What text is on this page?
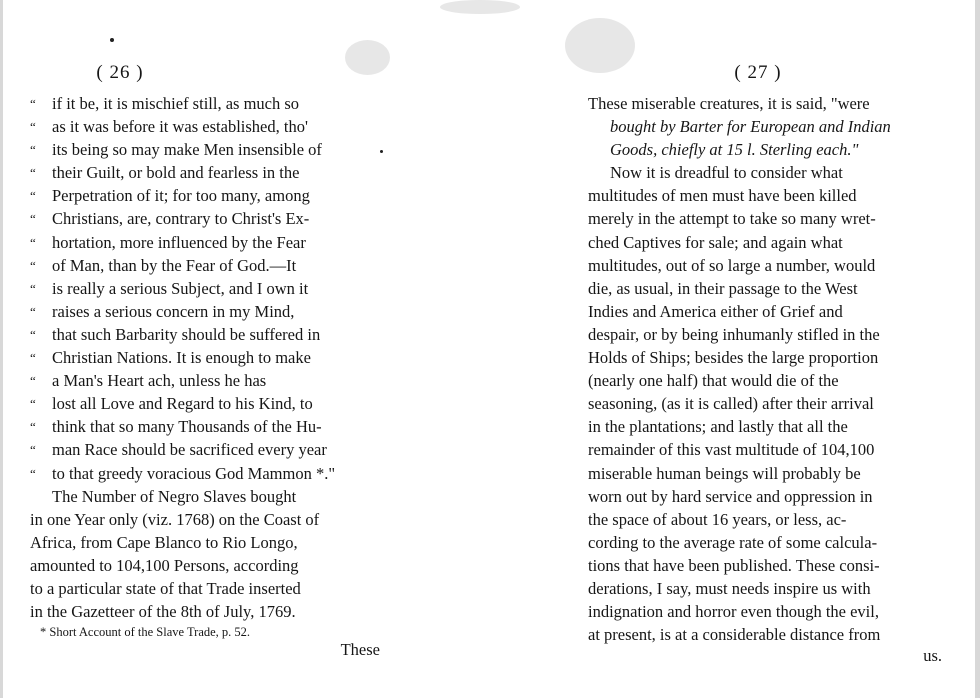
( 26 )
“ if it be, it is mischief still, as much so
“ as it was before it was established, tho'
“ its being so may make Men insensible of
“ their Guilt, or bold and fearless in the
“ Perpetration of it; for too many, among
“ Christians, are, contrary to Christ's Ex-
“ hortation, more influenced by the Fear
“ of Man, than by the Fear of God.—It
“ is really a serious Subject, and I own it
“ raises a serious concern in my Mind,
“ that such Barbarity should be suffered in
“ Christian Nations. It is enough to make
“ a Man's Heart ach, unless he has
“ lost all Love and Regard to his Kind, to
“ think that so many Thousands of the Hu-
“ man Race should be sacrificed every year
“ to that greedy voracious God Mammon *."
The Number of Negro Slaves bought
in one Year only (viz. 1768) on the Coast of
Africa, from Cape Blanco to Rio Longo,
amounted to 104,100 Persons, according
to a particular state of that Trade inserted
in the Gazetteer of the 8th of July, 1769.
* Short Account of the Slave Trade, p. 52.
These
( 27 )
These miserable creatures, it is said, "were
bought by Barter for European and Indian
Goods, chiefly at 15 l. Sterling each."
Now it is dreadful to consider what
multitudes of men must have been killed
merely in the attempt to take so many wret-
ched Captives for sale; and again what
multitudes, out of so large a number, would
die, as usual, in their passage to the West
Indies and America either of Grief and
despair, or by being inhumanly stifled in the
Holds of Ships; besides the large proportion
(nearly one half) that would die of the
seasoning, (as it is called) after their arrival
in the plantations; and lastly that all the
remainder of this vast multitude of 104,100
miserable human beings will probably be
worn out by hard service and oppression in
the space of about 16 years, or less, ac-
cording to the average rate of some calcula-
tions that have been published. These consi-
derations, I say, must needs inspire us with
indignation and horror even though the evil,
at present, is at a considerable distance from
us.
